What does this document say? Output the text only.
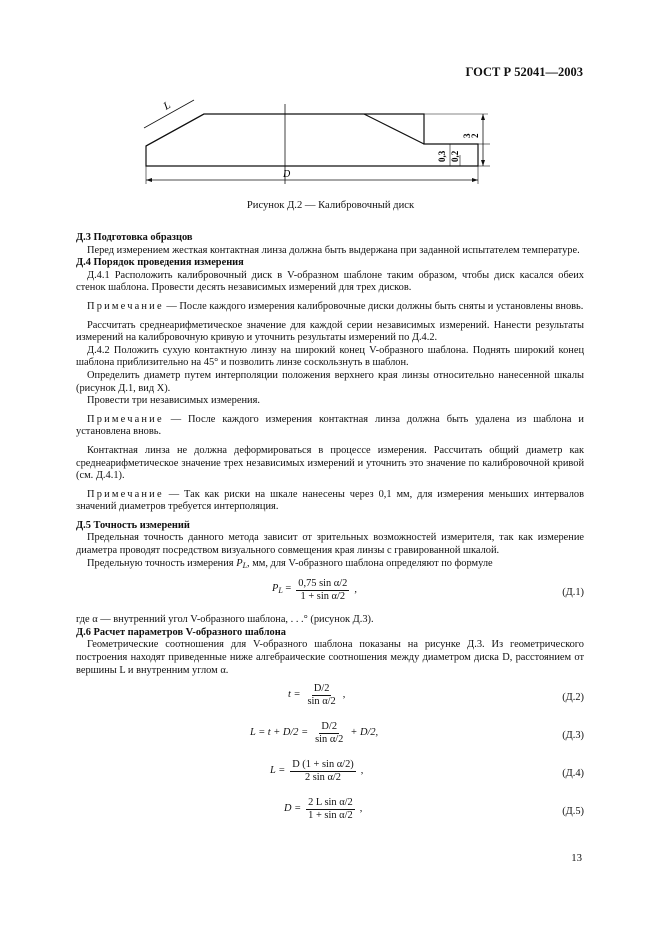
ГОСТ Р 52041—2003
L
D
0,3 0,2
3
2
Рисунок Д.2 — Калибровочный диск

Д.3 Подготовка образцов

Перед измерением жесткая контактная линза должна быть выдержана при заданной испытателем температуре.

Д.4 Порядок проведения измерения

Д.4.1 Расположить калибровочный диск в V-образном шаблоне таким образом, чтобы диск касался обеих стенок шаблона. Провести десять независимых измерений для трех дисков.

Примечание — После каждого измерения калибровочные диски должны быть сняты и установлены вновь.

Рассчитать среднеарифметическое значение для каждой серии независимых измерений. Нанести результаты измерений на калибровочную кривую и уточнить результаты измерений по Д.4.2.

Д.4.2 Положить сухую контактную линзу на широкий конец V-образного шаблона. Поднять широкий конец шаблона приблизительно на 45° и позволить линзе соскользнуть в шаблон.

Определить диаметр путем интерполяции положения верхнего края линзы относительно нанесенной шкалы (рисунок Д.1, вид X).

Провести три независимых измерения.

Примечание — После каждого измерения контактная линза должна быть удалена из шаблона и установлена вновь.

Контактная линза не должна деформироваться в процессе измерения. Рассчитать общий диаметр как среднеарифметическое значение трех независимых измерений и уточнить это значение по калибровочной кривой (см. Д.4.1).

Примечание — Так как риски на шкале нанесены через 0,1 мм, для измерения меньших интервалов значений диаметров требуется интерполяция.

Д.5 Точность измерений

Предельная точность данного метода зависит от зрительных возможностей измерителя, так как измерение диаметра проводят посредством визуального совмещения края линзы с гравированной шкалой.

Предельную точность измерения $P_L$, мм, для V-образного шаблона определяют по формуле

$P_L = \frac{\text{0,75 sin α/2}}{\text{1 + sin α/2}}$ ,	(Д.1)

где α — внутренний угол V-образного шаблона, . . .° (рисунок Д.3).

Д.6 Расчет параметров V-образного шаблона

Геометрические соотношения для V-образного шаблона показаны на рисунке Д.3. Из геометрического построения находят приведенные ниже алгебраические соотношения между диаметром диска D, расстоянием от вершины L и внутренним углом α.

$t = \frac{D/2}{\text{sin α/2}}$ ,	(Д.2)
$L = t + D/2 = \frac{D/2}{\text{sin α/2}} + D/2$,	(Д.3)
$L = \frac{\text{D (1 + sin α/2)}}{\text{2 sin α/2}}$ ,	(Д.4)
$D = \frac{\text{2 L sin α/2}}{\text{1 + sin α/2}}$ ,	(Д.5)
13
